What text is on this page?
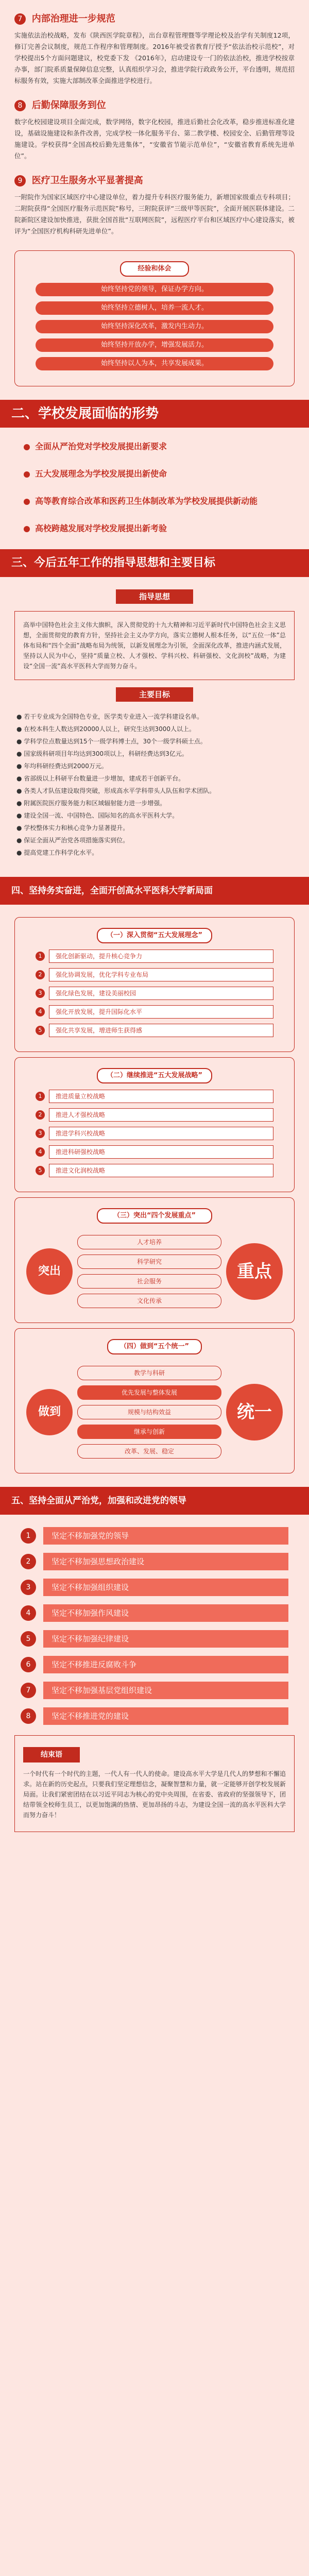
7 内部治理进一步规范
实施依法治校战略，发布《陕西医学院章程》，出台章程管理暨等学理论校及治学有关制度12项，修订完善会议制度，规范工作程序和管理制度。2016年被受省教育厅授予“依法治校示范校”，对学校提出5个方面问题建议，校党委下发 《2016年》，启动建设专一门的依法治校，推进学校按章办事，部门院系质量保障信息完整，认真组织学习会，推进学院行政政务公开，平台透明，规范招标服务有效，实施大部制改革全面推进学校进行。
8 后勤保障服务到位
数字化校园建设项目全面完成，数学网络，数字化校园，推进后勤社会化改革，稳步推进标准化建设，基础设施建设和条件改善，完成学校一体化服务平台、第二教学楼、校园安全、后勤管理等设施建设。学校获得“全国高校后勤先进集体”，“安徽省节能示范单位”，“安徽省教育系统先进单位”。
9 医疗卫生服务水平显著提高
一附院作为国家区域医疗中心建设单位，着力提升专科医疗服务能力，新增国家级重点专科项目；二附院获得“全国医疗服务示范医院”称号，三附院获评“三级甲等医院”，全面开展医联体建设。二院新院区建设加快推进，获批全国首批“互联网医院”，远程医疗平台和区域医疗中心建设落实，被评为“全国医疗机构科研先进单位”。
经验和体会
始终坚持党的领导，保证办学方向。
始终坚持立德树人，培养一流人才。
始终坚持深化改革，激发内生动力。
始终坚持开放办学，增强发展活力。
始终坚持以人为本，共享发展成果。
二、学校发展面临的形势
全面从严治党对学校发展提出新要求
五大发展理念为学校发展提出新使命
高等教育综合改革和医药卫生体制改革为学校发展提供新动能
高校跨越发展对学校发展提出新考验
三、今后五年工作的指导思想和主要目标
指导思想
高举中国特色社会主义伟大旗帜，深入贯彻党的十九大精神和习近平新时代中国特色社会主义思想，全面贯彻党的教育方针，坚持社会主义办学方向，落实立德树人根本任务，以“五位一体”总体布局和“四个全面”战略布局为统领，以新发展理念为引领，全面深化改革，推进内涵式发展，坚持以人民为中心，坚持“质量立校、人才强校、学科兴校、科研强校、文化润校”战略，为建设“全国一流”高水平医科大学而努力奋斗。
主要目标
● 若干专业成为全国特色专业，医学类专业进入一流学科建设名单。
● 在校本科生人数达到20000人以上，研究生达到3000人以上。
● 学科学位点数量达到15个一级学科博士点，30个一级学科硕士点。
● 国家级科研项目年均达到300项以上，科研经费达到3亿元。
● 年均科研经费达到2000万元。
● 省部级以上科研平台数量进一步增加，建成若干创新平台。
● 各类人才队伍建设取得突破，形成高水平学科带头人队伍和学术团队。
● 附属医院医疗服务能力和区域辐射能力进一步增强。
● 建设全国一流、中国特色、国际知名的高水平医科大学。
● 学校整体实力和核心竞争力显著提升。
● 保证全面从严治党各项措施落实到位。
● 提高党建工作科学化水平。
四、坚持务实奋进，全面开创高水平医科大学新局面
（一）深入贯彻“五大发展理念”
1	强化创新驱动，提升核心竞争力
2	强化协调发展，优化学科专业布局
3	强化绿色发展，建设美丽校园
4	强化开放发展，提升国际化水平
5	强化共享发展，增进师生获得感
（二）继续推进“五大发展战略”
1	推进质量立校战略
2	推进人才强校战略
3	推进学科兴校战略
4	推进科研强校战略
5	推进文化润校战略
（三）突出“四个发展重点”
突出
人才培养
科学研究
社会服务
文化传承
重点
（四）做到“五个统一”
做到
教学与科研
优先发展与整体发展
规模与结构效益
继承与创新
改革、发展、稳定
统一
五、坚持全面从严治党，加强和改进党的领导
1	坚定不移加强党的领导
2	坚定不移加强思想政治建设
3	坚定不移加强组织建设
4	坚定不移加强作风建设
5	坚定不移加强纪律建设
6	坚定不移推进反腐败斗争
7	坚定不移加强基层党组织建设
8	坚定不移推进党的建设
结束语
一个时代有一个时代的主题，一代人有一代人的使命。建设高水平大学是几代人的梦想和不懈追求。站在新的历史起点，只要我们坚定理想信念，凝聚智慧和力量，就一定能够开创学校发展新局面。让我们紧密团结在以习近平同志为核心的党中央周围，在省委、省政府的坚强领导下，团结带领全校师生员工，以更加饱满的热情、更加昂扬的斗志，为建设全国一流的高水平医科大学而努力奋斗！
